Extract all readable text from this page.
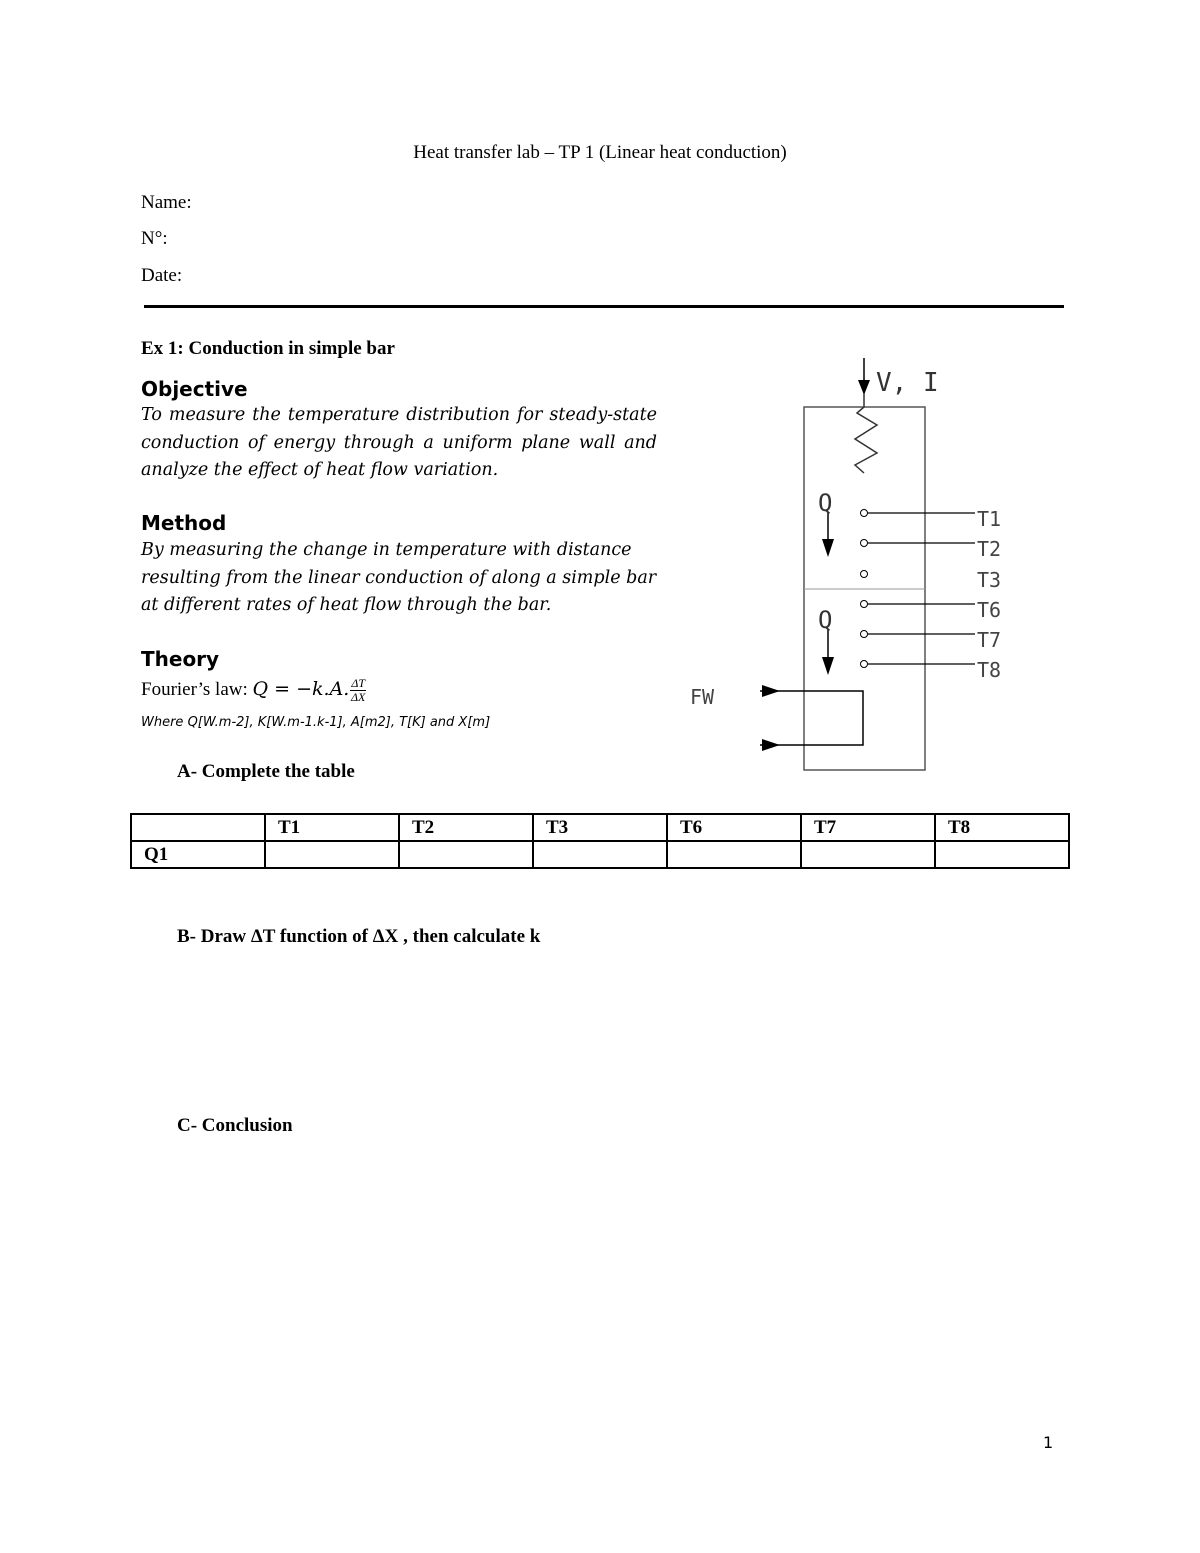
Heat transfer lab – TP 1 (Linear heat conduction)
Name:
N°:
Date:
Ex 1: Conduction in simple bar
Objective
To measure the temperature distribution for steady-state conduction of energy through a uniform plane wall and analyze the effect of heat flow variation.
Method
By measuring the change in temperature with distance resulting from the linear conduction of along a simple bar at different rates of heat flow through the bar.
Theory
Fourier’s law: Q = −k.A. $\frac{\Delta T}{\Delta X}$
Where Q[W.m-2], K[W.m-1.k-1], A[m2], T[K] and X[m]
V, I
Q
Q
FW
T1
T2
T3
T6
T7
T8
A- Complete the table
	T1	T2	T3	T6	T7	T8
Q1						
B- Draw ΔT function of ΔX , then calculate k
C- Conclusion
1
